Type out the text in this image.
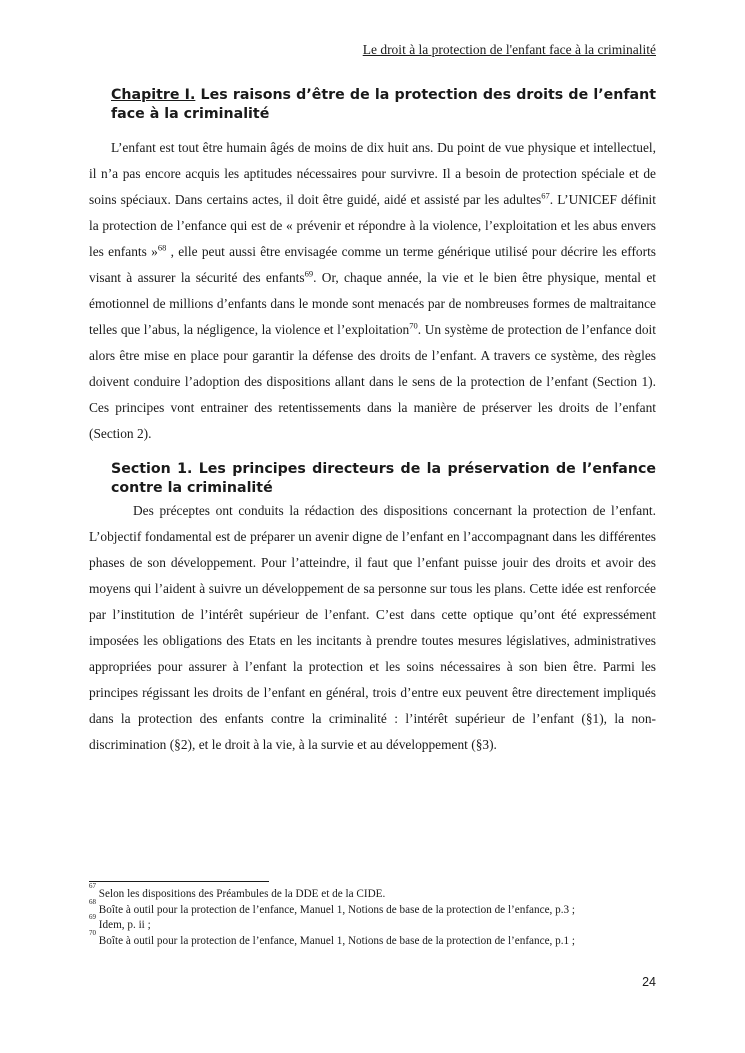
Le droit à la protection de l'enfant face à la criminalité
Chapitre I. Les raisons d’être de la protection des droits de l’enfant face à la criminalité

L’enfant est tout être humain âgés de moins de dix huit ans. Du point de vue physique et intellectuel, il n’a pas encore acquis les aptitudes nécessaires pour survivre. Il a besoin de protection spéciale et de soins spéciaux. Dans certains actes, il doit être guidé, aidé et assisté par les adultes$^{67}$. L’UNICEF définit la protection de l’enfance qui est de « prévenir et répondre à la violence, l’exploitation et les abus envers les enfants »$^{68}$ , elle peut aussi être envisagée comme un terme générique utilisé pour décrire les efforts visant à assurer la sécurité des enfants$^{69}$. Or, chaque année, la vie et le bien être physique, mental et émotionnel de millions d’enfants dans le monde sont menacés par de nombreuses formes de maltraitance telles que l’abus, la négligence, la violence et l’exploitation$^{70}$. Un système de protection de l’enfance doit alors être mise en place pour garantir la défense des droits de l’enfant. A travers ce système, des règles doivent conduire l’adoption des dispositions allant dans le sens de la protection de l’enfant (Section 1). Ces principes vont entrainer des retentissements dans la manière de préserver les droits de l’enfant (Section 2).

Section 1. Les principes directeurs de la préservation de l’enfance contre la criminalité

Des préceptes ont conduits la rédaction des dispositions concernant la protection de l’enfant. L’objectif fondamental est de préparer un avenir digne de l’enfant en l’accompagnant dans les différentes phases de son développement. Pour l’atteindre, il faut que l’enfant puisse jouir des droits et avoir des moyens qui l’aident à suivre un développement de sa personne sur tous les plans. Cette idée est renforcée par l’institution de l’intérêt supérieur de l’enfant. C’est dans cette optique qu’ont été expressément imposées les obligations des Etats en les incitants à prendre toutes mesures législatives, administratives appropriées pour assurer à l’enfant la protection et les soins nécessaires à son bien être. Parmi les principes régissant les droits de l’enfant en général, trois d’entre eux peuvent être directement impliqués dans la protection des enfants contre la criminalité : l’intérêt supérieur de l’enfant (§1), la non-discrimination (§2), et le droit à la vie, à la survie et au développement (§3).

$^{67}$ Selon les dispositions des Préambules de la DDE et de la CIDE.
$^{68}$ Boîte à outil pour la protection de l’enfance, Manuel 1, Notions de base de la protection de l’enfance, p.3 ;
$^{69}$ Idem, p. ii ;
$^{70}$ Boîte à outil pour la protection de l’enfance, Manuel 1, Notions de base de la protection de l’enfance, p.1 ;
24
